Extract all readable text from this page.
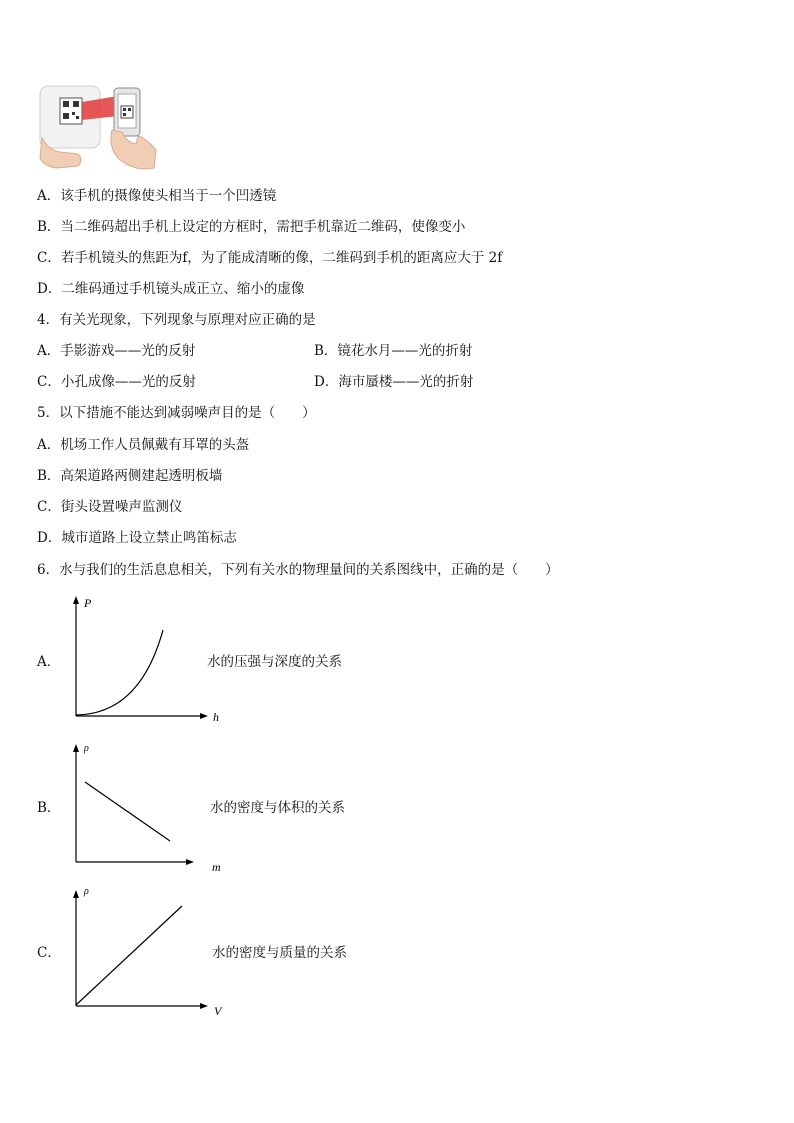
A．该手机的摄像使头相当于一个凹透镜
B．当二维码超出手机上设定的方框时，需把手机靠近二维码，使像变小
C．若手机镜头的焦距为f，为了能成清晰的像，二维码到手机的距离应大于 2f
D．二维码通过手机镜头成正立、缩小的虚像
4．有关光现象，下列现象与原理对应正确的是
A．手影游戏——光的反射	B．镜花水月——光的折射
C．小孔成像——光的反射	D．海市蜃楼——光的折射
5．以下措施不能达到减弱噪声目的是（　　）
A．机场工作人员佩戴有耳罩的头盔
B．高架道路两侧建起透明板墙
C．街头设置噪声监测仪
D．城市道路上设立禁止鸣笛标志
6．水与我们的生活息息相关，下列有关水的物理量间的关系图线中，正确的是（　　）
A．
P
h
水的压强与深度的关系
B．
ρ
m
水的密度与体积的关系
C．
ρ
V
水的密度与质量的关系
